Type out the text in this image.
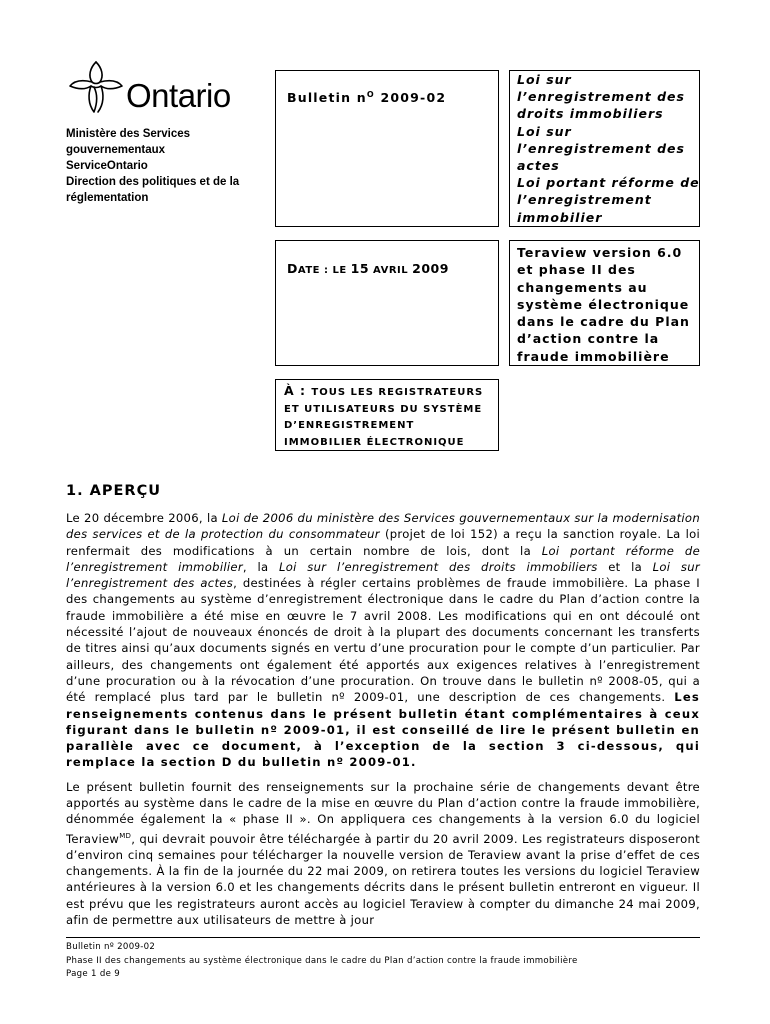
Ontario
Ministère des Services
gouvernementaux
ServiceOntario
Direction des politiques et de la
réglementation
Bulletin $n^O$ 2009-02
Loi sur
l’enregistrement des
droits immobiliers
Loi sur
l’enregistrement des
actes
Loi portant réforme de
l’enregistrement
immobilier
DATE : LE 15 AVRIL 2009
Teraview version 6.0
et phase II des
changements au
système électronique
dans le cadre du Plan
d’action contre la
fraude immobilière
À : TOUS LES REGISTRATEURS
ET UTILISATEURS DU SYSTÈME
D’ENREGISTREMENT
IMMOBILIER ÉLECTRONIQUE
1. APERÇU

Le 20 décembre 2006, la Loi de 2006 du ministère des Services gouvernementaux sur la modernisation des services et de la protection du consommateur (projet de loi 152) a reçu la sanction royale. La loi renfermait des modifications à un certain nombre de lois, dont la Loi portant réforme de l’enregistrement immobilier, la Loi sur l’enregistrement des droits immobiliers et la Loi sur l’enregistrement des actes, destinées à régler certains problèmes de fraude immobilière. La phase I des changements au système d’enregistrement électronique dans le cadre du Plan d’action contre la fraude immobilière a été mise en œuvre le 7 avril 2008. Les modifications qui en ont découlé ont nécessité l’ajout de nouveaux énoncés de droit à la plupart des documents concernant les transferts de titres ainsi qu’aux documents signés en vertu d’une procuration pour le compte d’un particulier. Par ailleurs, des changements ont également été apportés aux exigences relatives à l’enregistrement d’une procuration ou à la révocation d’une procuration. On trouve dans le bulletin nº 2008-05, qui a été remplacé plus tard par le bulletin nº 2009-01, une description de ces changements. Les renseignements contenus dans le présent bulletin étant complémentaires à ceux figurant dans le bulletin nº 2009-01, il est conseillé de lire le présent bulletin en parallèle avec ce document, à l’exception de la section 3 ci-dessous, qui remplace la section D du bulletin nº 2009-01.

Le présent bulletin fournit des renseignements sur la prochaine série de changements devant être apportés au système dans le cadre de la mise en œuvre du Plan d’action contre la fraude immobilière, dénommée également la « phase II ». On appliquera ces changements à la version 6.0 du logiciel Teraview$^{MD}$, qui devrait pouvoir être téléchargée à partir du 20 avril 2009. Les registrateurs disposeront d’environ cinq semaines pour télécharger la nouvelle version de Teraview avant la prise d’effet de ces changements. À la fin de la journée du 22 mai 2009, on retirera toutes les versions du logiciel Teraview antérieures à la version 6.0 et les changements décrits dans le présent bulletin entreront en vigueur. Il est prévu que les registrateurs auront accès au logiciel Teraview à compter du dimanche 24 mai 2009, afin de permettre aux utilisateurs de mettre à jour

Bulletin nº 2009-02
Phase II des changements au système électronique dans le cadre du Plan d’action contre la fraude immobilière
Page 1 de 9
